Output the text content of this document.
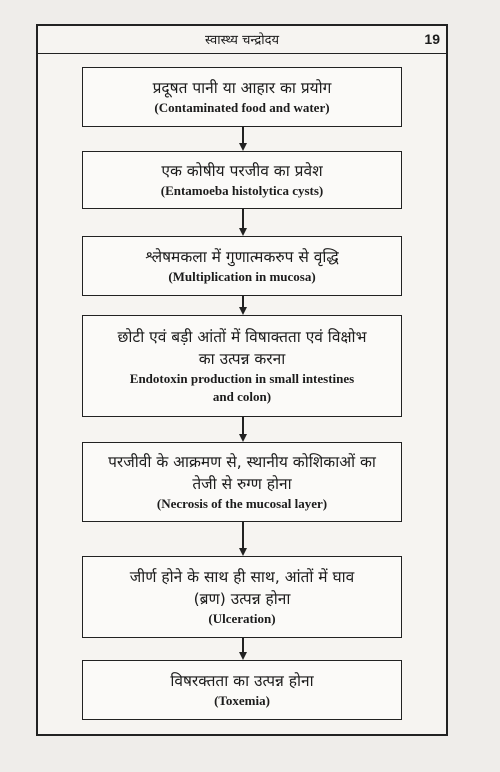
स्वास्थ्य चन्द्रोदय	19
प्रदूषत पानी या आहार का प्रयोग
(Contaminated food and water)
एक कोषीय परजीव का प्रवेश
(Entamoeba histolytica cysts)
श्लेषमकला में गुणात्मकरुप से वृद्धि
(Multiplication in mucosa)
छोटी एवं बड़ी आंतों में विषाक्तता एवं विक्षोभ
का उत्पन्न करना
Endotoxin production in small intestines
and colon)
परजीवी के आक्रमण से, स्थानीय कोशिकाओं का
तेजी से रुग्ण होना
(Necrosis of the mucosal layer)
जीर्ण होने के साथ ही साथ, आंतों में घाव
(ब्रण) उत्पन्न होना
(Ulceration)
विषरक्तता का उत्पन्न होना
(Toxemia)
